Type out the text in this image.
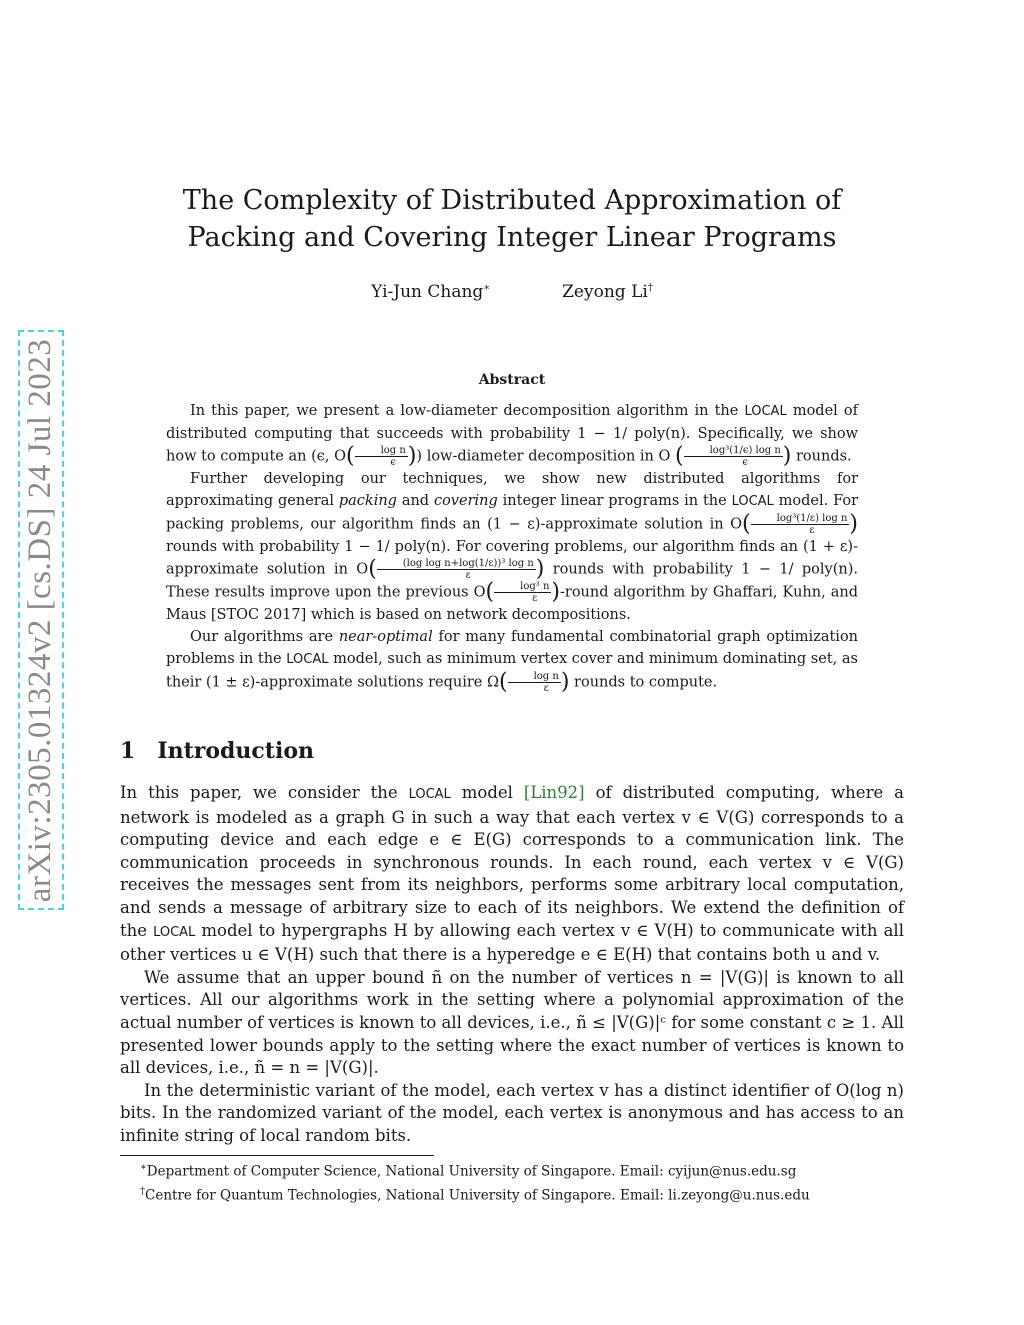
arXiv:2305.01324v2 [cs.DS] 24 Jul 2023
The Complexity of Distributed Approximation of
Packing and Covering Integer Linear Programs
Yi-Jun Chang∗	Zeyong Li†
Abstract

In this paper, we present a low-diameter decomposition algorithm in the LOCAL model of distributed computing that succeeds with probability 1 − 1/ poly(n). Specifically, we show how to compute an (ϵ, $O( \frac{\text{log n}}{\epsilon}$ )) low-diameter decomposition in O ( $\frac{\text{log³(1/ϵ) log n}}{\epsilon}$ ) rounds.

Further developing our techniques, we show new distributed algorithms for approximating general packing and covering integer linear programs in the LOCAL model. For packing problems, our algorithm finds an (1 − ε)-approximate solution in $O( \frac{\text{log³(1/ε) log n}}{\varepsilon}$ ) rounds with probability 1 − 1/ poly(n). For covering problems, our algorithm finds an (1 + ε)-approximate solution in $O( \frac{\text{(log log n+log(1/ε))³ log n}}{\varepsilon}$ ) rounds with probability 1 − 1/ poly(n). These results improve upon the previous $O( \frac{\text{log³ n}}{\varepsilon}$ )-round algorithm by Ghaffari, Kuhn, and Maus [STOC 2017] which is based on network decompositions.

Our algorithms are near-optimal for many fundamental combinatorial graph optimization problems in the LOCAL model, such as minimum vertex cover and minimum dominating set, as their (1 ± ε)-approximate solutions require $\Omega( \frac{\text{log n}}{\varepsilon}$ ) rounds to compute.

1 Introduction

In this paper, we consider the LOCAL model [Lin92] of distributed computing, where a network is modeled as a graph G in such a way that each vertex v ∈ V(G) corresponds to a computing device and each edge e ∈ E(G) corresponds to a communication link. The communication proceeds in synchronous rounds. In each round, each vertex v ∈ V(G) receives the messages sent from its neighbors, performs some arbitrary local computation, and sends a message of arbitrary size to each of its neighbors. We extend the definition of the LOCAL model to hypergraphs H by allowing each vertex v ∈ V(H) to communicate with all other vertices u ∈ V(H) such that there is a hyperedge e ∈ E(H) that contains both u and v.

We assume that an upper bound ñ on the number of vertices n = |V(G)| is known to all vertices. All our algorithms work in the setting where a polynomial approximation of the actual number of vertices is known to all devices, i.e., ñ ≤ |V(G)|ᶜ for some constant c ≥ 1. All presented lower bounds apply to the setting where the exact number of vertices is known to all devices, i.e., ñ = n = |V(G)|.

In the deterministic variant of the model, each vertex v has a distinct identifier of O(log n) bits. In the randomized variant of the model, each vertex is anonymous and has access to an infinite string of local random bits.

∗Department of Computer Science, National University of Singapore. Email: cyijun@nus.edu.sg
†Centre for Quantum Technologies, National University of Singapore. Email: li.zeyong@u.nus.edu
